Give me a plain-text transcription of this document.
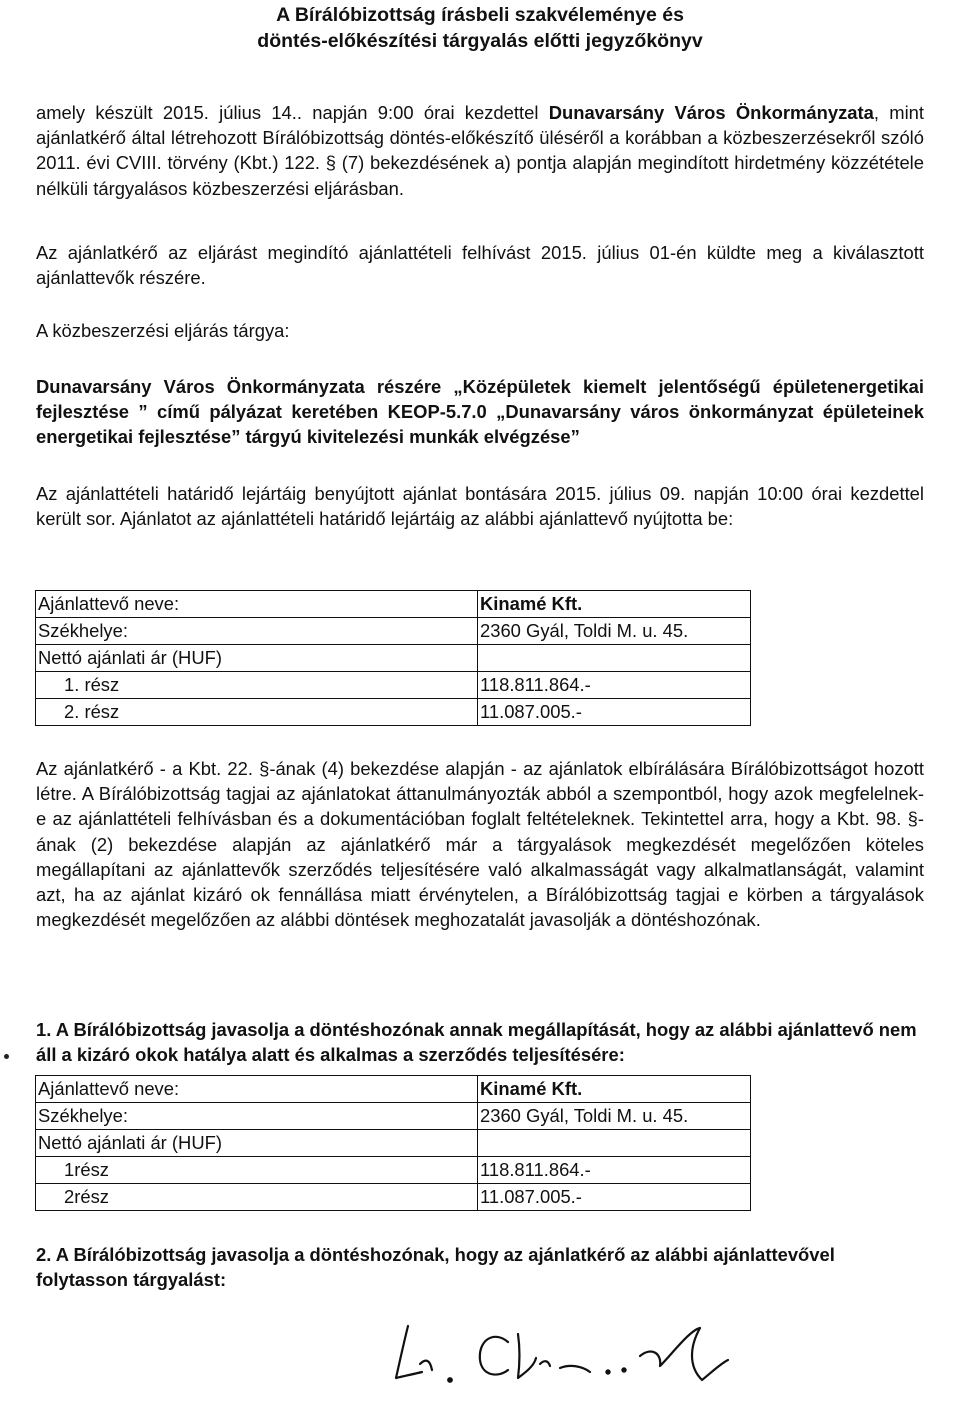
A Bírálóbizottság írásbeli szakvéleménye és
döntés-előkészítési tárgyalás előtti jegyzőkönyv

amely készült 2015. július 14.. napján 9:00 órai kezdettel Dunavarsány Város Önkormányzata, mint ajánlatkérő által létrehozott Bírálóbizottság döntés-előkészítő üléséről a korábban a közbeszerzésekről szóló 2011. évi CVIII. törvény (Kbt.) 122. § (7) bekezdésének a) pontja alapján megindított hirdetmény közzététele nélküli tárgyalásos közbeszerzési eljárásban.

Az ajánlatkérő az eljárást megindító ajánlattételi felhívást 2015. július 01-én küldte meg a kiválasztott ajánlattevők részére.
A közbeszerzési eljárás tárgya:
Dunavarsány Város Önkormányzata részére „Középületek kiemelt jelentőségű épületenergetikai fejlesztése ” című pályázat keretében KEOP-5.7.0 „Dunavarsány város önkormányzat épületeinek energetikai fejlesztése” tárgyú kivitelezési munkák elvégzése”
Az ajánlattételi határidő lejártáig benyújtott ajánlat bontására 2015. július 09. napján 10:00 órai kezdettel került sor. Ajánlatot az ajánlattételi határidő lejártáig az alábbi ajánlattevő nyújtotta be:
Ajánlattevő neve:	Kinamé Kft.
Székhelye:	2360 Gyál, Toldi M. u. 45.
Nettó ajánlati ár (HUF)	
1. rész	118.811.864.-
2. rész	11.087.005.-
Az ajánlatkérő - a Kbt. 22. §-ának (4) bekezdése alapján - az ajánlatok elbírálására Bírálóbizottságot hozott létre. A Bírálóbizottság tagjai az ajánlatokat áttanulmányozták abból a szempontból, hogy azok megfelelnek-e az ajánlattételi felhívásban és a dokumentációban foglalt feltételeknek. Tekintettel arra, hogy a Kbt. 98. §-ának (2) bekezdése alapján az ajánlatkérő már a tárgyalások megkezdését megelőzően köteles megállapítani az ajánlattevők szerződés teljesítésére való alkalmasságát vagy alkalmatlanságát, valamint azt, ha az ajánlat kizáró ok fennállása miatt érvénytelen, a Bírálóbizottság tagjai e körben a tárgyalások megkezdését megelőzően az alábbi döntések meghozatalát javasolják a döntéshozónak.
1. A Bírálóbizottság javasolja a döntéshozónak annak megállapítását, hogy az alábbi ajánlattevő nem áll a kizáró okok hatálya alatt és alkalmas a szerződés teljesítésére:
Ajánlattevő neve:	Kinamé Kft.
Székhelye:	2360 Gyál, Toldi M. u. 45.
Nettó ajánlati ár (HUF)	
1rész	118.811.864.-
2rész	11.087.005.-
2. A Bírálóbizottság javasolja a döntéshozónak, hogy az ajánlatkérő az alábbi ajánlattevővel folytasson tárgyalást:
